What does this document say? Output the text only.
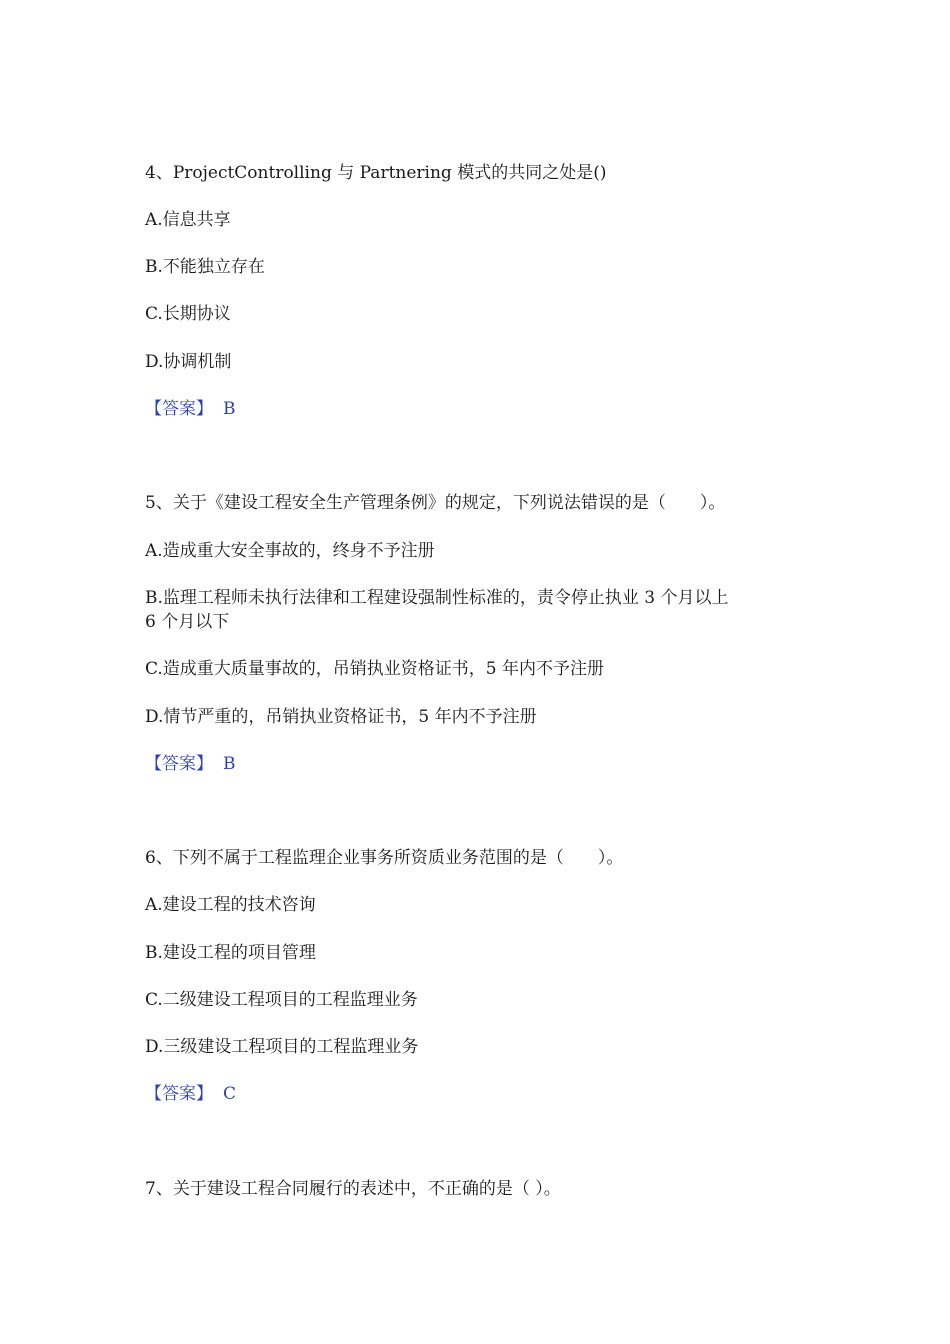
4、ProjectControlling 与 Partnering 模式的共同之处是()
A.信息共享
B.不能独立存在
C.长期协议
D.协调机制
【答案】 B
5、关于《建设工程安全生产管理条例》的规定，下列说法错误的是（　　）。
A.造成重大安全事故的，终身不予注册
B.监理工程师未执行法律和工程建设强制性标准的，责令停止执业 3 个月以上
6 个月以下
C.造成重大质量事故的，吊销执业资格证书，5 年内不予注册
D.情节严重的，吊销执业资格证书，5 年内不予注册
【答案】 B
6、下列不属于工程监理企业事务所资质业务范围的是（　　）。
A.建设工程的技术咨询
B.建设工程的项目管理
C.二级建设工程项目的工程监理业务
D.三级建设工程项目的工程监理业务
【答案】 C
7、关于建设工程合同履行的表述中，不正确的是（ ）。
